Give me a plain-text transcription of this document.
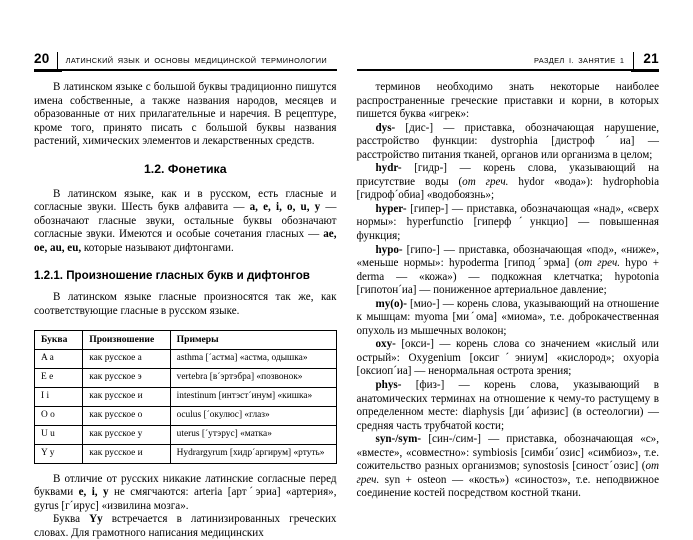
20	ЛАТИНСКИЙ ЯЗЫК И ОСНОВЫ МЕДИЦИНСКОЙ ТЕРМИНОЛОГИИ

В латинском языке с большой буквы традиционно пишутся имена собственные, а также названия народов, месяцев и образованные от них прилагательные и наречия. В рецептуре, кроме того, принято писать с большой буквы названия растений, химических элементов и лекарственных средств.

1.2. Фонетика

В латинском языке, как и в русском, есть гласные и согласные звуки. Шесть букв алфавита — a, e, i, o, u, y — обозначают гласные звуки, остальные буквы обозначают согласные звуки. Имеются и особые сочетания гласных — ae, oe, au, eu, которые называют дифтонгами.

1.2.1. Произношение гласных букв и дифтонгов

В латинском языке гласные произносятся так же, как соответствующие гласные в русском языке.

Буква	Произношение	Примеры
A a	как русское а	asthma [ˊастма] «астма, одышка»
E e	как русское э	vertebra [вˊэртэбра] «позвонок»
I i	как русское и	intestinum [интэстˊинум] «кишка»
O o	как русское о	oculus [ˊокулюс] «глаз»
U u	как русское у	uterus [ˊутэрус] «матка»
Y y	как русское и	Hydrargyrum [хидрˊаргирум] «ртуть»

В отличие от русских никакие латинские согласные перед буквами e, i, y не смягчаются: arteria [артˊэриа] «артерия», gyrus [гˊирус] «извилина мозга».

Буква Yy встречается в латинизированных греческих словах. Для грамотного написания медицинских

РАЗДЕЛ I. ЗАНЯТИЕ 1	21

терминов необходимо знать некоторые наиболее распространенные греческие приставки и корни, в которых пишется буква «игрек»:

dys- [дис-] — приставка, обозначающая нарушение, расстройство функции: dystrophia [дистрофˊиа] — расстройство питания тканей, органов или организма в целом;

hydr- [гидр-] — корень слова, указывающий на присутствие воды (от греч. hydor «вода»): hydrophobia [гидрофˊобиа] «водобоязнь»;

hyper- [гипер-] — приставка, обозначающая «над», «сверх нормы»: hyperfunctio [гиперфˊункцио] — повышенная функция;

hypo- [гипо-] — приставка, обозначающая «под», «ниже», «меньше нормы»: hypoderma [гиподˊэрма] (от греч. hypo + derma — «кожа») — подкожная клетчатка; hypotonia [гипотонˊиа] — пониженное артериальное давление;

my(o)- [мио-] — корень слова, указывающий на отношение к мышцам: myoma [миˊома] «миома», т.е. доброкачественная опухоль из мышечных волокон;

oxy- [окси-] — корень слова со значением «кислый или острый»: Oxygenium [оксигˊэниум] «кислород»; oxyopia [оксиопˊиа] — ненормальная острота зрения;

phys- [физ-] — корень слова, указывающий в анатомических терминах на отношение к чему-то растущему в определенном месте: diaphysis [диˊафизис] (в остеологии) — средняя часть трубчатой кости;

syn-/sym- [син-/сим-] — приставка, обозначающая «с», «вместе», «совместно»: symbiosis [симбиˊозис] «симбиоз», т.е. сожительство разных организмов; synostosis [синостˊозис] (от греч. syn + osteon — «кость») «синостоз», т.е. неподвижное соединение костей посредством костной ткани.
